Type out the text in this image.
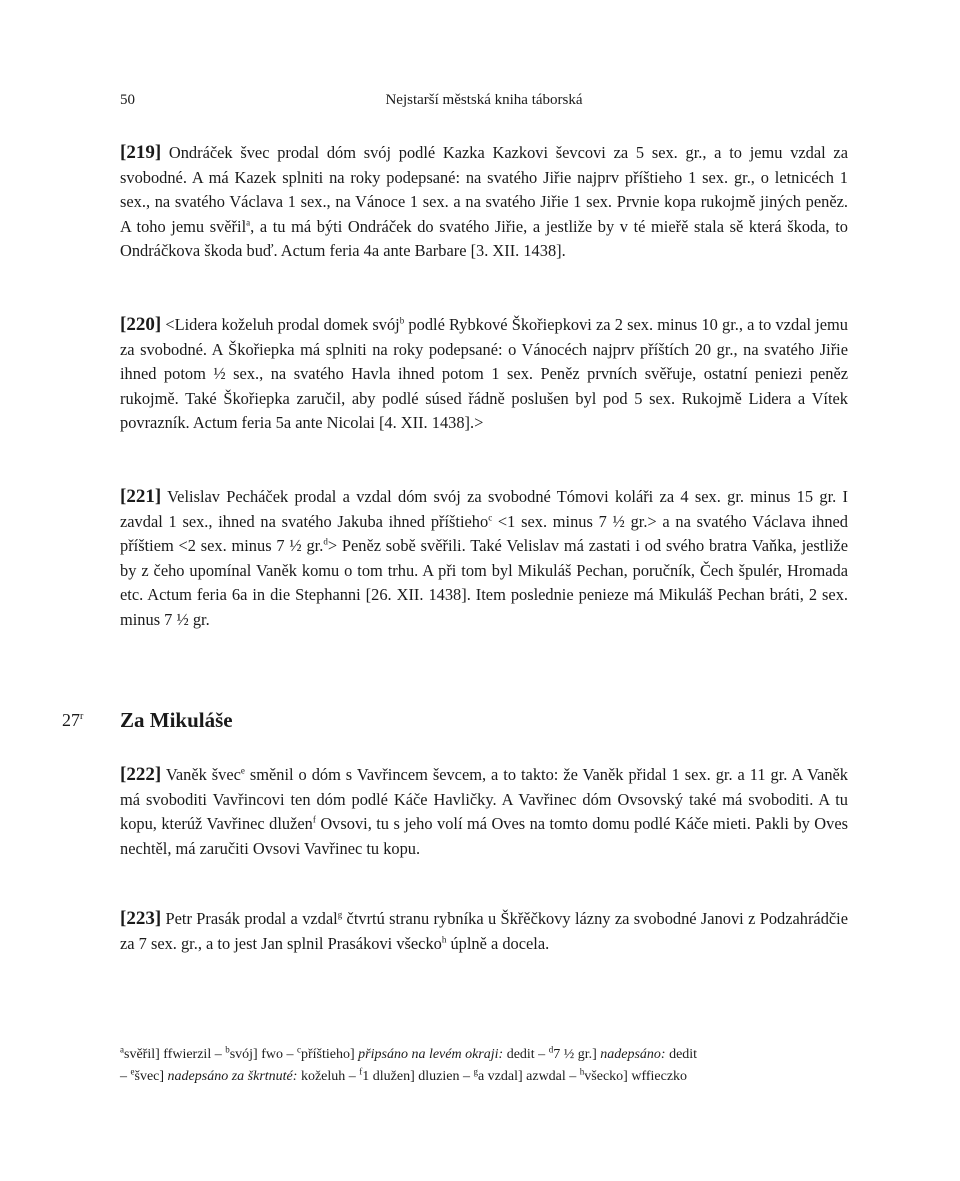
50	Nejstarší městská kniha táborská

[219] Ondráček švec prodal dóm svój podlé Kazka Kazkovi ševcovi za 5 sex. gr., a to jemu vzdal za svobodné. A má Kazek splniti na roky podepsané: na svatého Jiřie najprv příštieho 1 sex. gr., o letnicéch 1 sex., na svatého Václava 1 sex., na Vánoce 1 sex. a na svatého Jiřie 1 sex. Prvnie kopa rukojmě jiných peněz. A toho jemu svěřil$^a$, a tu má býti Ondráček do svatého Jiřie, a jestliže by v té mieřě stala sě která škoda, to Ondráčkova škoda buď. Actum feria 4a ante Barbare [3. XII. 1438].

[220] <Lidera koželuh prodal domek svój$^b$ podlé Rybkové Škořiepkovi za 2 sex. minus 10 gr., a to vzdal jemu za svobodné. A Škořiepka má splniti na roky podepsané: o Vánocéch najprv příštích 20 gr., na svatého Jiřie ihned potom ½ sex., na svatého Havla ihned potom 1 sex. Peněz prvních svěřuje, ostatní peniezi peněz rukojmě. Také Škořiepka zaručil, aby podlé súsed řádně poslušen byl pod 5 sex. Rukojmě Lidera a Vítek povrazník. Actum feria 5a ante Nicolai [4. XII. 1438].>

[221] Velislav Pecháček prodal a vzdal dóm svój za svobodné Tómovi koláři za 4 sex. gr. minus 15 gr. I zavdal 1 sex., ihned na svatého Jakuba ihned příštieho$^c$ <1 sex. minus 7 ½ gr.> a na svatého Václava ihned příštiem <2 sex. minus 7 ½ gr.$^d$> Peněz sobě svěřili. Také Velislav má zastati i od svého bratra Vaňka, jestliže by z čeho upomínal Vaněk komu o tom trhu. A při tom byl Mikuláš Pechan, poručník, Čech špulér, Hromada etc. Actum feria 6a in die Stephanni [26. XII. 1438]. Item poslednie penieze má Mikuláš Pechan bráti, 2 sex. minus 7 ½ gr.

27$^r$ Za Mikuláše

[222] Vaněk švec$^e$ směnil o dóm s Vavřincem ševcem, a to takto: že Vaněk přidal 1 sex. gr. a 11 gr. A Vaněk má svoboditi Vavřincovi ten dóm podlé Káče Havličky. A Vavřinec dóm Ovsovský také má svoboditi. A tu kopu, kterúž Vavřinec dlužen$^f$ Ovsovi, tu s jeho volí má Oves na tomto domu podlé Káče mieti. Pakli by Oves nechtěl, má zaručiti Ovsovi Vavřinec tu kopu.

[223] Petr Prasák prodal a vzdal$^g$ čtvrtú stranu rybníka u Škřěčkovy lázny za svobodné Janovi z Podzahrádčie za 7 sex. gr., a to jest Jan splnil Prasákovi všecko$^h$ úplně a docela.

$^a$svěřil] ffwierzil – $^b$svój] fwo – $^c$příštieho] připsáno na levém okraji: dedit – $^d$7 ½ gr.] nadepsáno: dedit
– $^e$švec] nadepsáno za škrtnuté: koželuh – $^f$1 dlužen] dluzien – $^g$a vzdal] azwdal – $^h$všecko] wffieczko
